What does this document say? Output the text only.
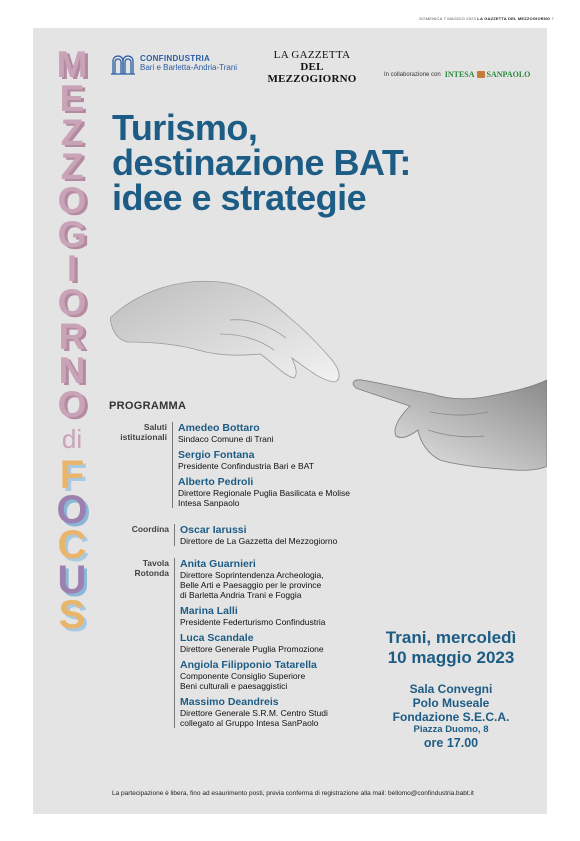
DOMENICA 7 MAGGIO 2023 LA GAZZETTA DEL MEZZOGIORNO 7
M
E
Z
Z
O
G
I
O
R
N
O
di
F
O
C
U
S
CONFINDUSTRIA
Bari e Barletta-Andria-Trani
LA GAZZETTA
DEL MEZZOGIORNO	In collaborazione con INTESA SANPAOLO
Turismo,
destinazione BAT:
idee e strategie
PROGRAMMA
Saluti
istituzionali
Amedeo Bottaro
Sindaco Comune di Trani
Sergio Fontana
Presidente Confindustria Bari e BAT
Alberto Pedroli
Direttore Regionale Puglia Basilicata e Molise
Intesa Sanpaolo
Coordina Oscar Iarussi
Direttore de La Gazzetta del Mezzogiorno
Tavola
Rotonda
Anita Guarnieri
Direttore Soprintendenza Archeologia,
Belle Arti e Paesaggio per le province
di Barletta Andria Trani e Foggia
Marina Lalli
Presidente Federturismo Confindustria
Luca Scandale
Direttore Generale Puglia Promozione
Angiola Filipponio Tatarella
Componente Consiglio Superiore
Beni culturali e paesaggistici
Massimo Deandreis
Direttore Generale S.R.M. Centro Studi
collegato al Gruppo Intesa SanPaolo
Trani, mercoledì
10 maggio 2023
Sala Convegni
Polo Museale
Fondazione S.E.C.A.
Piazza Duomo, 8
ore 17.00
La partecipazione è libera, fino ad esaurimento posti, previa conferma di registrazione alla mail: bellomo@confindustria.babt.it
